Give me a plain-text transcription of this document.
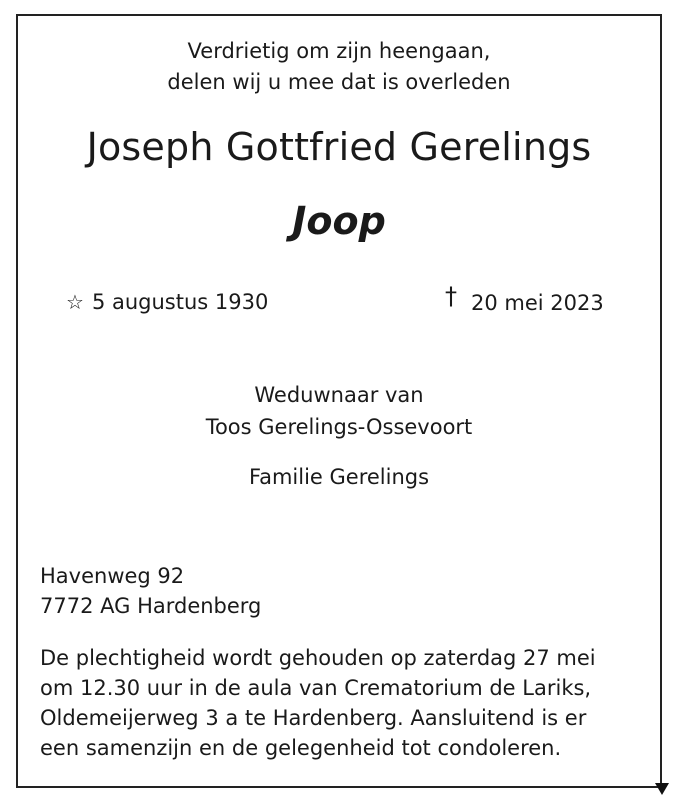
Verdrietig om zijn heengaan,
delen wij u mee dat is overleden
Joseph Gottfried Gerelings
Joop
☆ 5 augustus 1930	† 20 mei 2023
Weduwnaar van
Toos Gerelings-Ossevoort
Familie Gerelings
Havenweg 92
7772 AG Hardenberg
De plechtigheid wordt gehouden op zaterdag 27 mei
om 12.30 uur in de aula van Crematorium de Lariks,
Oldemeijerweg 3 a te Hardenberg. Aansluitend is er
een samenzijn en de gelegenheid tot condoleren.
